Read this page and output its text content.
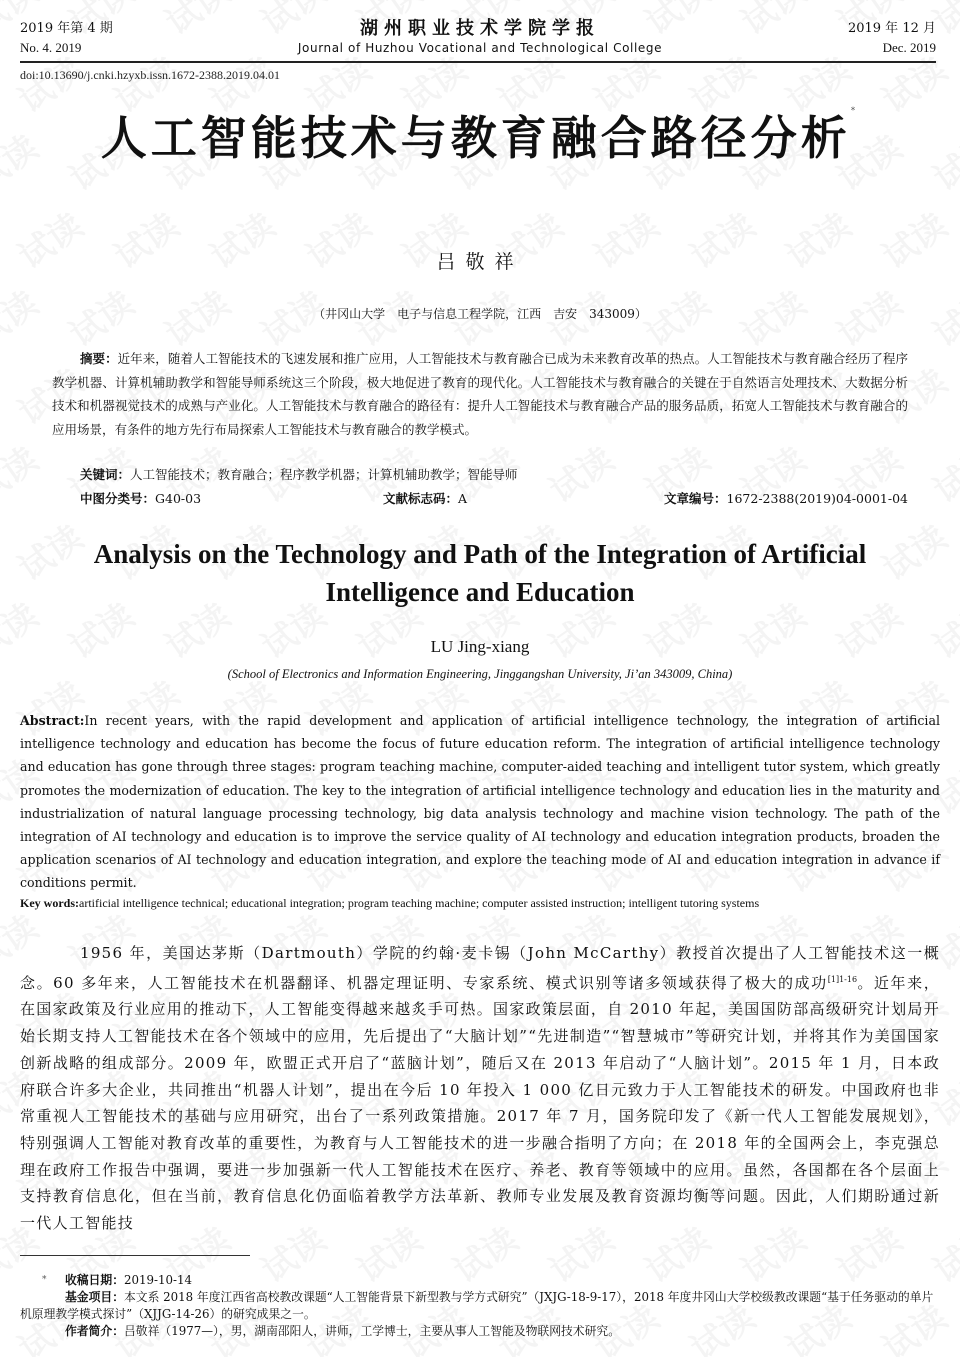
2019 年第 4 期
No. 4. 2019
湖州职业技术学院学报
Journal of Huzhou Vocational and Technological College
2019 年 12 月
Dec. 2019
doi:10.13690/j.cnki.hzyxb.issn.1672-2388.2019.04.01
人工智能技术与教育融合路径分析*
吕敬祥
（井冈山大学　电子与信息工程学院，江西　吉安　343009）
摘要：近年来，随着人工智能技术的飞速发展和推广应用，人工智能技术与教育融合已成为未来教育改革的热点。人工智能技术与教育融合经历了程序教学机器、计算机辅助教学和智能导师系统这三个阶段，极大地促进了教育的现代化。人工智能技术与教育融合的关键在于自然语言处理技术、大数据分析技术和机器视觉技术的成熟与产业化。人工智能技术与教育融合的路径有：提升人工智能技术与教育融合产品的服务品质，拓宽人工智能技术与教育融合的应用场景，有条件的地方先行布局探索人工智能技术与教育融合的教学模式。
关键词：人工智能技术；教育融合；程序教学机器；计算机辅助教学；智能导师
中图分类号：G40-03	文献标志码：A	文章编号：1672-2388(2019)04-0001-04
Analysis on the Technology and Path of the Integration of Artificial
Intelligence and Education
LU Jing-xiang
(School of Electronics and Information Engineering, Jinggangshan University, Ji’an 343009, China)
Abstract:In recent years, with the rapid development and application of artificial intelligence technology, the integration of artificial intelligence technology and education has become the focus of future education reform. The integration of artificial intelligence technology and education has gone through three stages: program teaching machine, computer-aided teaching and intelligent tutor system, which greatly promotes the modernization of education. The key to the integration of artificial intelligence technology and education lies in the maturity and industrialization of natural language processing technology, big data analysis technology and machine vision technology. The path of the integration of AI technology and education is to improve the service quality of AI technology and education integration products, broaden the application scenarios of AI technology and education integration, and explore the teaching mode of AI and education integration in advance if conditions permit.
Key words:artificial intelligence technical; educational integration; program teaching machine; computer assisted instruction; intelligent tutoring systems
1956 年，美国达茅斯（Dartmouth）学院的约翰·麦卡锡（John McCarthy）教授首次提出了人工智能技术这一概念。60 多年来，人工智能技术在机器翻译、机器定理证明、专家系统、模式识别等诸多领域获得了极大的成功$^{[1]1-16}$。近年来，在国家政策及行业应用的推动下，人工智能变得越来越炙手可热。国家政策层面，自 2010 年起，美国国防部高级研究计划局开始长期支持人工智能技术在各个领域中的应用，先后提出了“大脑计划”“先进制造”“智慧城市”等研究计划，并将其作为美国国家创新战略的组成部分。2009 年，欧盟正式开启了“蓝脑计划”，随后又在 2013 年启动了“人脑计划”。2015 年 1 月，日本政府联合许多大企业，共同推出“机器人计划”，提出在今后 10 年投入 1 000 亿日元致力于人工智能技术的研发。中国政府也非常重视人工智能技术的基础与应用研究，出台了一系列政策措施。2017 年 7 月，国务院印发了《新一代人工智能发展规划》，特别强调人工智能对教育改革的重要性，为教育与人工智能技术的进一步融合指明了方向；在 2018 年的全国两会上，李克强总理在政府工作报告中强调，要进一步加强新一代人工智能技术在医疗、养老、教育等领域中的应用。虽然，各国都在各个层面上支持教育信息化，但在当前，教育信息化仍面临着教学方法革新、教师专业发展及教育资源均衡等问题。因此，人们期盼通过新一代人工智能技
* 收稿日期：2019-10-14
基金项目：本文系 2018 年度江西省高校教改课题“人工智能背景下新型教与学方式研究”（JXJG-18-9-17），2018 年度井冈山大学校级教改课题“基于任务驱动的单片机原理教学模式探讨”（XJJG-14-26）的研究成果之一。
作者简介：吕敬祥（1977—），男，湖南邵阳人，讲师，工学博士，主要从事人工智能及物联网技术研究。
